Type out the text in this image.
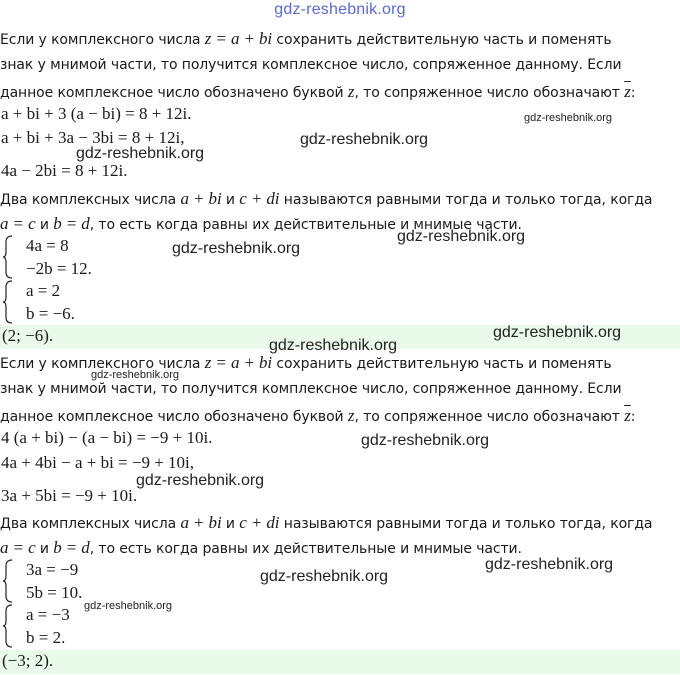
gdz-reshebnik.org
Если у комплексного числа z = a + bi сохранить действительную часть и поменять
знак у мнимой части, то получится комплексное число, сопряженное данному. Если
данное комплексное число обозначено буквой z, то сопряженное число обозначают $\overline{z}$:
a + bi + 3 (a − bi) = 8 + 12i.
a + bi + 3a − 3bi = 8 + 12i,
4a − 2bi = 8 + 12i.
Два комплексных числа a + bi и c + di называются равными тогда и только тогда, когда
a = c и b = d, то есть когда равны их действительные и мнимые части.
4a = 8
−2b = 12.
a = 2
b = −6.
(2; −6).
Если у комплексного числа z = a + bi сохранить действительную часть и поменять
знак у мнимой части, то получится комплексное число, сопряженное данному. Если
данное комплексное число обозначено буквой z, то сопряженное число обозначают $\overline{z}$:
4 (a + bi) − (a − bi) = −9 + 10i.
4a + 4bi − a + bi = −9 + 10i,
3a + 5bi = −9 + 10i.
Два комплексных числа a + bi и c + di называются равными тогда и только тогда, когда
a = c и b = d, то есть когда равны их действительные и мнимые части.
3a = −9
5b = 10.
a = −3
b = 2.
(−3; 2).
gdz-reshebnik.org
gdz-reshebnik.org
gdz-reshebnik.org
gdz-reshebnik.org
gdz-reshebnik.org
gdz-reshebnik.org
gdz-reshebnik.org
gdz-reshebnik.org
gdz-reshebnik.org
gdz-reshebnik.org
gdz-reshebnik.org
gdz-reshebnik.org
gdz-reshebnik.org
